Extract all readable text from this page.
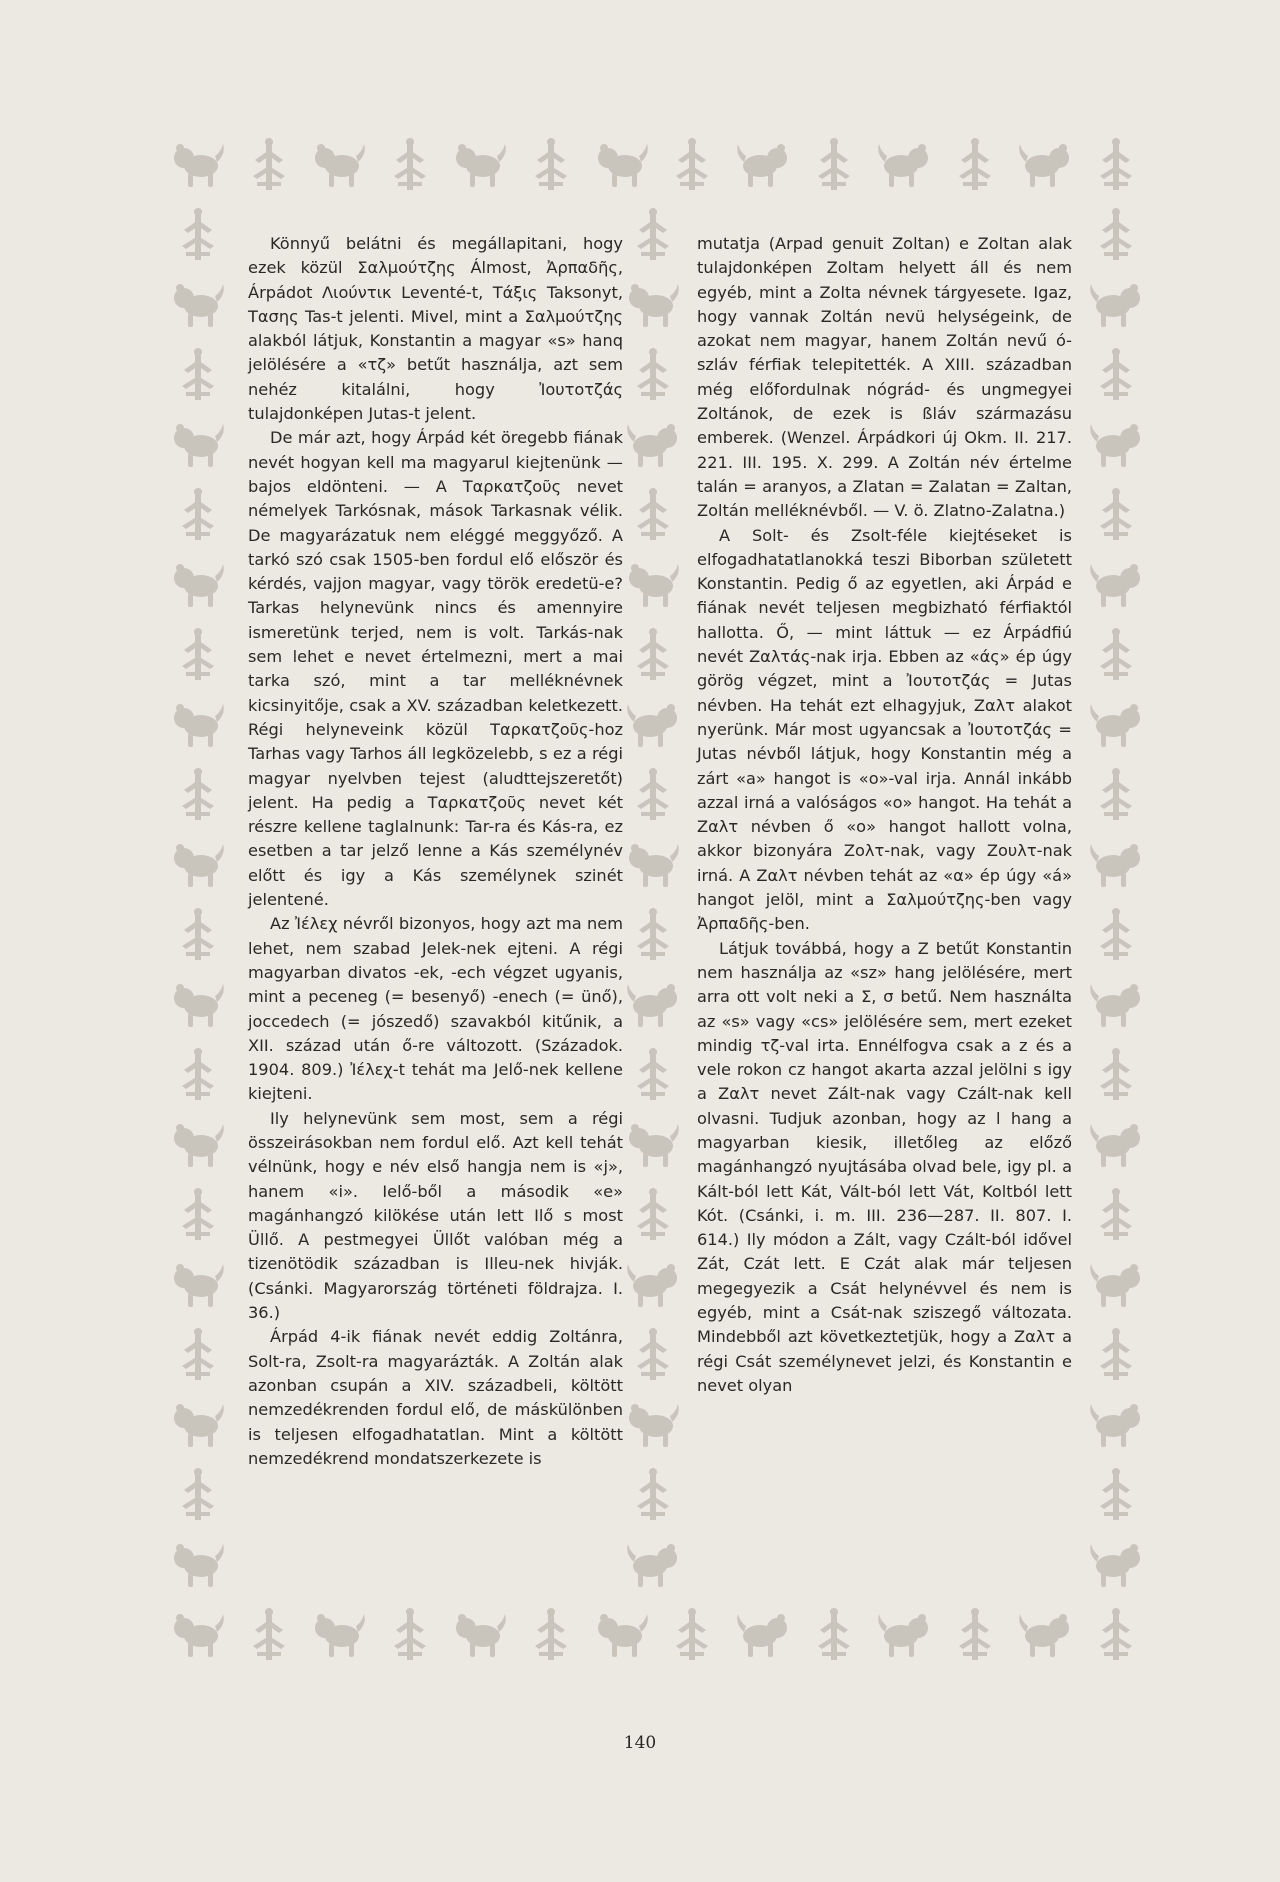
Könnyű belátni és megállapitani, hogy ezek közül Σαλμούτζης Álmost, Ἀρπαδῆς, Árpádot Λιούντικ Leventé-t, Τάξις Taksonyt, Τασης Tas-t jelenti. Mivel, mint a Σαλμούτζης alakból látjuk, Konstantin a magyar «s» hanq jelölésére a «τζ» betűt használja, azt sem nehéz kitalálni, hogy Ἰουτοτζάς tulajdonképen Jutas-t jelent.

De már azt, hogy Árpád két öregebb fiának nevét hogyan kell ma magyarul kiejtenünk — bajos eldönteni. — A Ταρκατζοῦς nevet némelyek Tarkósnak, mások Tarkasnak vélik. De magyarázatuk nem eléggé meggyőző. A tarkó szó csak 1505-ben fordul elő először és kérdés, vajjon magyar, vagy török eredetü-e? Tarkas helynevünk nincs és amennyire ismeretünk terjed, nem is volt. Tarkás-nak sem lehet e nevet értelmezni, mert a mai tarka szó, mint a tar melléknévnek kicsinyitője, csak a XV. században keletkezett. Régi helyneveink közül Ταρκατζοῦς-hoz Tarhas vagy Tarhos áll legközelebb, s ez a régi magyar nyelvben tejest (aludttejszeretőt) jelent. Ha pedig a Ταρκατζοῦς nevet két részre kellene taglalnunk: Tar-ra és Kás-ra, ez esetben a tar jelző lenne a Kás személynév előtt és igy a Kás személynek szinét jelentené.

Az Ἰέλεχ névről bizonyos, hogy azt ma nem lehet, nem szabad Jelek-nek ejteni. A régi magyarban divatos -ek, -ech végzet ugyanis, mint a peceneg (= besenyő) -enech (= ünő), joccedech (= jószedő) szavakból kitűnik, a XII. század után ő-re változott. (Századok. 1904. 809.) Ἰέλεχ-t tehát ma Jelő-nek kellene kiejteni.

Ily helynevünk sem most, sem a régi összeirásokban nem fordul elő. Azt kell tehát vélnünk, hogy e név első hangja nem is «j», hanem «i». Ielő-ből a második «e» magánhangzó kilökése után lett Ilő s most Üllő. A pestmegyei Üllőt valóban még a tizenötödik században is Illeu-nek hivják. (Csánki. Magyarország történeti földrajza. I. 36.)

Árpád 4-ik fiának nevét eddig Zoltánra, Solt-ra, Zsolt-ra magyarázták. A Zoltán alak azonban csupán a XIV. századbeli, költött nemzedékrenden fordul elő, de máskülönben is teljesen elfogadhatatlan. Mint a költött nemzedékrend mondatszerkezete is

mutatja (Arpad genuit Zoltan) e Zoltan alak tulajdonképen Zoltam helyett áll és nem egyéb, mint a Zolta névnek tárgyesete. Igaz, hogy vannak Zoltán nevü helységeink, de azokat nem magyar, hanem Zoltán nevű ó-szláv férfiak telepitették. A XIII. században még előfordulnak nógrád- és ungmegyei Zoltánok, de ezek is ßláv származásu emberek. (Wenzel. Árpádkori új Okm. II. 217. 221. III. 195. X. 299. A Zoltán név értelme talán = aranyos, a Zlatan = Zalatan = Zaltan, Zoltán melléknévből. — V. ö. Zlatno-Zalatna.)

A Solt- és Zsolt-féle kiejtéseket is elfogadhatatlanokká teszi Biborban született Konstantin. Pedig ő az egyetlen, aki Árpád e fiának nevét teljesen megbizható férfiaktól hallotta. Ő, — mint láttuk — ez Árpádfiú nevét Ζαλτάς-nak irja. Ebben az «άς» ép úgy görög végzet, mint a Ἰουτοτζάς = Jutas névben. Ha tehát ezt elhagyjuk, Ζαλτ alakot nyerünk. Már most ugyancsak a Ἰουτοτζάς = Jutas névből látjuk, hogy Konstantin még a zárt «a» hangot is «o»-val irja. Annál inkább azzal irná a valóságos «o» hangot. Ha tehát a Ζαλτ névben ő «o» hangot hallott volna, akkor bizonyára Ζολτ-nak, vagy Ζουλτ-nak irná. A Ζαλτ névben tehát az «α» ép úgy «á» hangot jelöl, mint a Σαλμούτζης-ben vagy Ἀρπαδῆς-ben.

Látjuk továbbá, hogy a Z betűt Konstantin nem használja az «sz» hang jelölésére, mert arra ott volt neki a Σ, σ betű. Nem használta az «s» vagy «cs» jelölésére sem, mert ezeket mindig τζ-val irta. Ennélfogva csak a z és a vele rokon cz hangot akarta azzal jelölni s igy a Ζαλτ nevet Zált-nak vagy Czált-nak kell olvasni. Tudjuk azonban, hogy az l hang a magyarban kiesik, illetőleg az előző magánhangzó nyujtásába olvad bele, igy pl. a Kált-ból lett Kát, Vált-ból lett Vát, Koltból lett Kót. (Csánki, i. m. III. 236—287. II. 807. I. 614.) Ily módon a Zált, vagy Czált-ból idővel Zát, Czát lett. E Czát alak már teljesen megegyezik a Csát helynévvel és nem is egyéb, mint a Csát-nak sziszegő változata. Mindebből azt következtetjük, hogy a Ζαλτ a régi Csát személynevet jelzi, és Konstantin e nevet olyan

140
